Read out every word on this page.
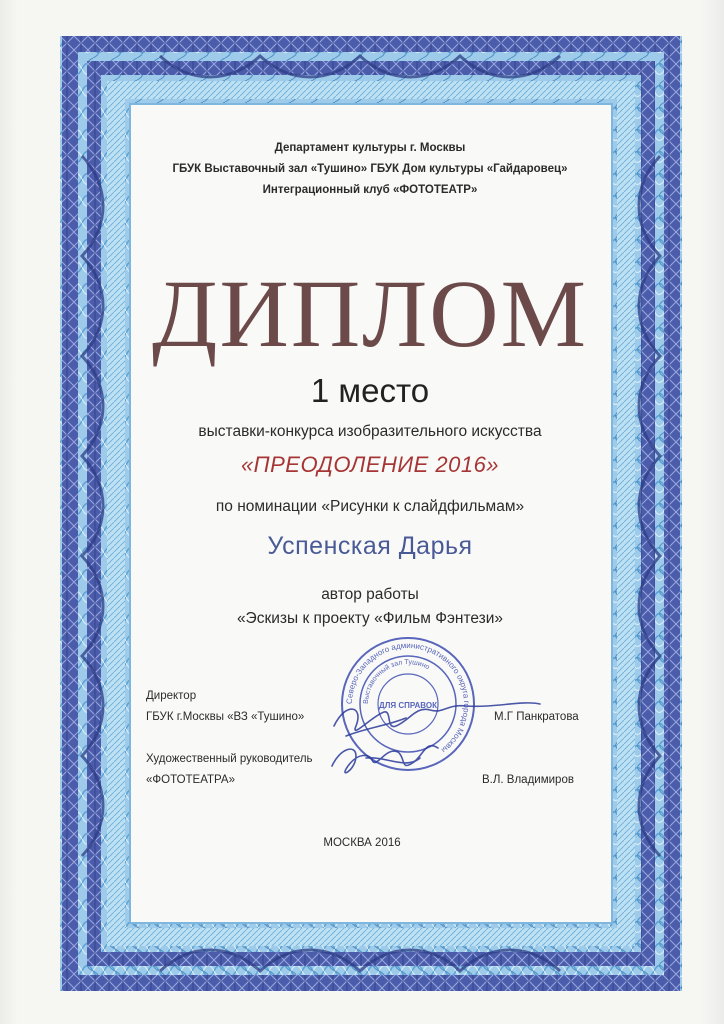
Департамент культуры г. Москвы
ГБУК Выставочный зал «Тушино» ГБУК Дом культуры «Гайдаровец»
Интеграционный клуб «ФОТОТЕАТР»
ДИПЛОМ
1 место
выставки-конкурса изобразительного искусства
«ПРЕОДОЛЕНИЕ 2016»
по номинации «Рисунки к слайдфильмам»
Успенская Дарья
автор работы
«Эскизы к проекту «Фильм Фэнтези»
Северо-Западного административного округа города Москвы
Выставочный зал Тушино
ДЛЯ СПРАВОК
Директор
ГБУК г.Москвы «ВЗ «Тушино»	М.Г Панкратова
Художественный руководитель
«ФОТОТЕАТРА»	В.Л. Владимиров
МОСКВА 2016
